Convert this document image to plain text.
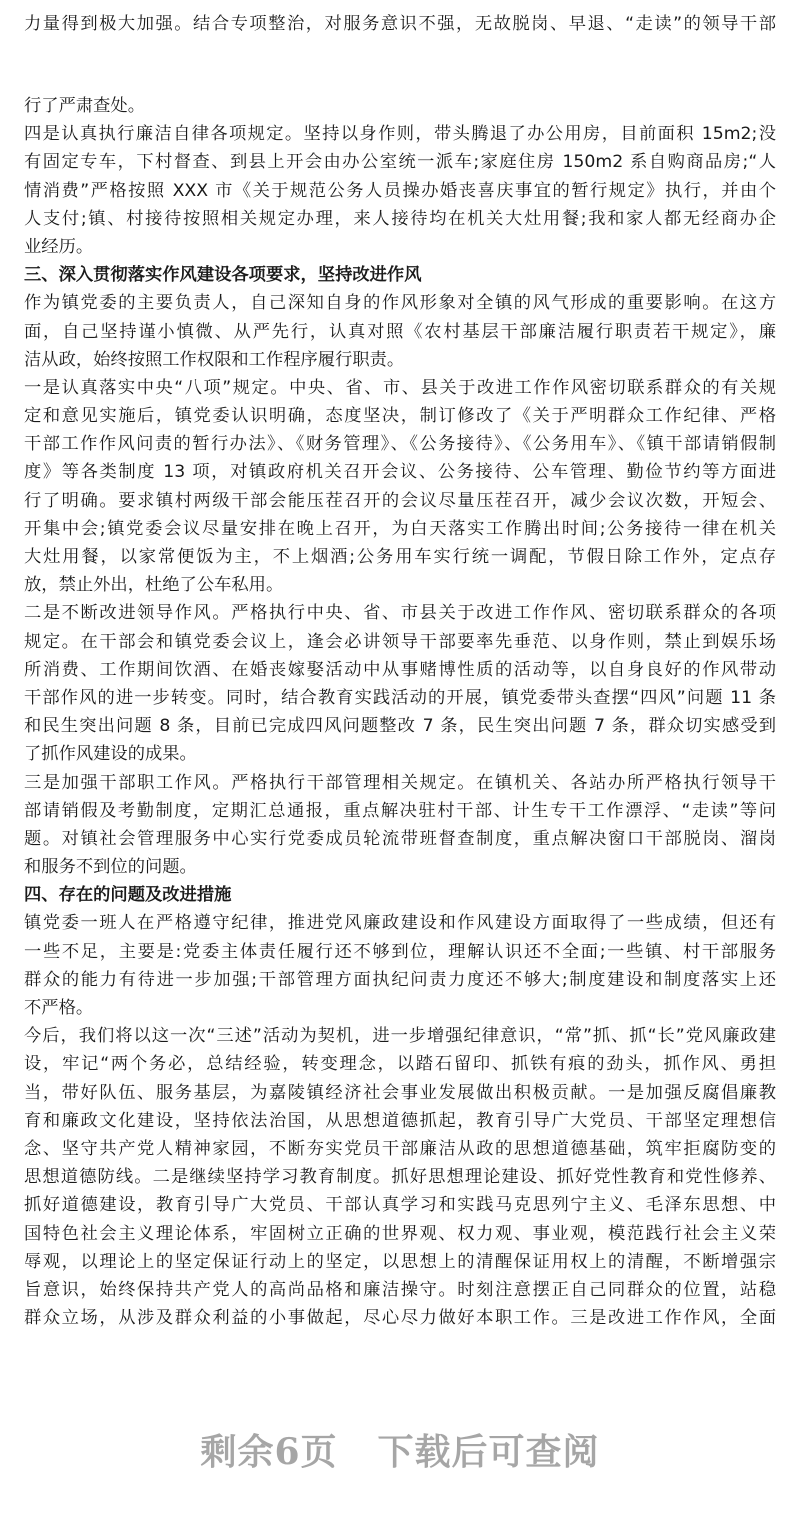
力量得到极大加强。结合专项整治，对服务意识不强，无故脱岗、早退、“走读”的领导干部
行了严肃查处。
四是认真执行廉洁自律各项规定。坚持以身作则，带头腾退了办公用房，目前面积 15m2;没
有固定专车，下村督查、到县上开会由办公室统一派车;家庭住房 150m2 系自购商品房;“人
情消费”严格按照 XXX 市《关于规范公务人员操办婚丧喜庆事宜的暂行规定》执行，并由个
人支付;镇、村接待按照相关规定办理，来人接待均在机关大灶用餐;我和家人都无经商办企
业经历。
三、深入贯彻落实作风建设各项要求，坚持改进作风
作为镇党委的主要负责人，自己深知自身的作风形象对全镇的风气形成的重要影响。在这方
面，自己坚持谨小慎微、从严先行，认真对照《农村基层干部廉洁履行职责若干规定》，廉
洁从政，始终按照工作权限和工作程序履行职责。
一是认真落实中央“八项”规定。中央、省、市、县关于改进工作作风密切联系群众的有关规
定和意见实施后，镇党委认识明确，态度坚决，制订修改了《关于严明群众工作纪律、严格
干部工作作风问责的暂行办法》、《财务管理》、《公务接待》、《公务用车》、《镇干部请销假制
度》等各类制度 13 项，对镇政府机关召开会议、公务接待、公车管理、勤俭节约等方面进
行了明确。要求镇村两级干部会能压茬召开的会议尽量压茬召开，减少会议次数，开短会、
开集中会;镇党委会议尽量安排在晚上召开，为白天落实工作腾出时间;公务接待一律在机关
大灶用餐，以家常便饭为主，不上烟酒;公务用车实行统一调配，节假日除工作外，定点存
放，禁止外出，杜绝了公车私用。
二是不断改进领导作风。严格执行中央、省、市县关于改进工作作风、密切联系群众的各项
规定。在干部会和镇党委会议上，逢会必讲领导干部要率先垂范、以身作则，禁止到娱乐场
所消费、工作期间饮酒、在婚丧嫁娶活动中从事赌博性质的活动等，以自身良好的作风带动
干部作风的进一步转变。同时，结合教育实践活动的开展，镇党委带头查摆“四风”问题 11 条
和民生突出问题 8 条，目前已完成四风问题整改 7 条，民生突出问题 7 条，群众切实感受到
了抓作风建设的成果。
三是加强干部职工作风。严格执行干部管理相关规定。在镇机关、各站办所严格执行领导干
部请销假及考勤制度，定期汇总通报，重点解决驻村干部、计生专干工作漂浮、“走读”等问
题。对镇社会管理服务中心实行党委成员轮流带班督查制度，重点解决窗口干部脱岗、溜岗
和服务不到位的问题。
四、存在的问题及改进措施
镇党委一班人在严格遵守纪律，推进党风廉政建设和作风建设方面取得了一些成绩，但还有
一些不足，主要是:党委主体责任履行还不够到位，理解认识还不全面;一些镇、村干部服务
群众的能力有待进一步加强;干部管理方面执纪问责力度还不够大;制度建设和制度落实上还
不严格。
今后，我们将以这一次“三述”活动为契机，进一步增强纪律意识，“常”抓、抓“长”党风廉政建
设，牢记“两个务必，总结经验，转变理念，以踏石留印、抓铁有痕的劲头，抓作风、勇担
当，带好队伍、服务基层，为嘉陵镇经济社会事业发展做出积极贡献。一是加强反腐倡廉教
育和廉政文化建设，坚持依法治国，从思想道德抓起，教育引导广大党员、干部坚定理想信
念、坚守共产党人精神家园，不断夯实党员干部廉洁从政的思想道德基础，筑牢拒腐防变的
思想道德防线。二是继续坚持学习教育制度。抓好思想理论建设、抓好党性教育和党性修养、
抓好道德建设，教育引导广大党员、干部认真学习和实践马克思列宁主义、毛泽东思想、中
国特色社会主义理论体系，牢固树立正确的世界观、权力观、事业观，模范践行社会主义荣
辱观，以理论上的坚定保证行动上的坚定，以思想上的清醒保证用权上的清醒，不断增强宗
旨意识，始终保持共产党人的高尚品格和廉洁操守。时刻注意摆正自己同群众的位置，站稳
群众立场，从涉及群众利益的小事做起，尽心尽力做好本职工作。三是改进工作作风，全面
剩余6页 下载后可查阅
